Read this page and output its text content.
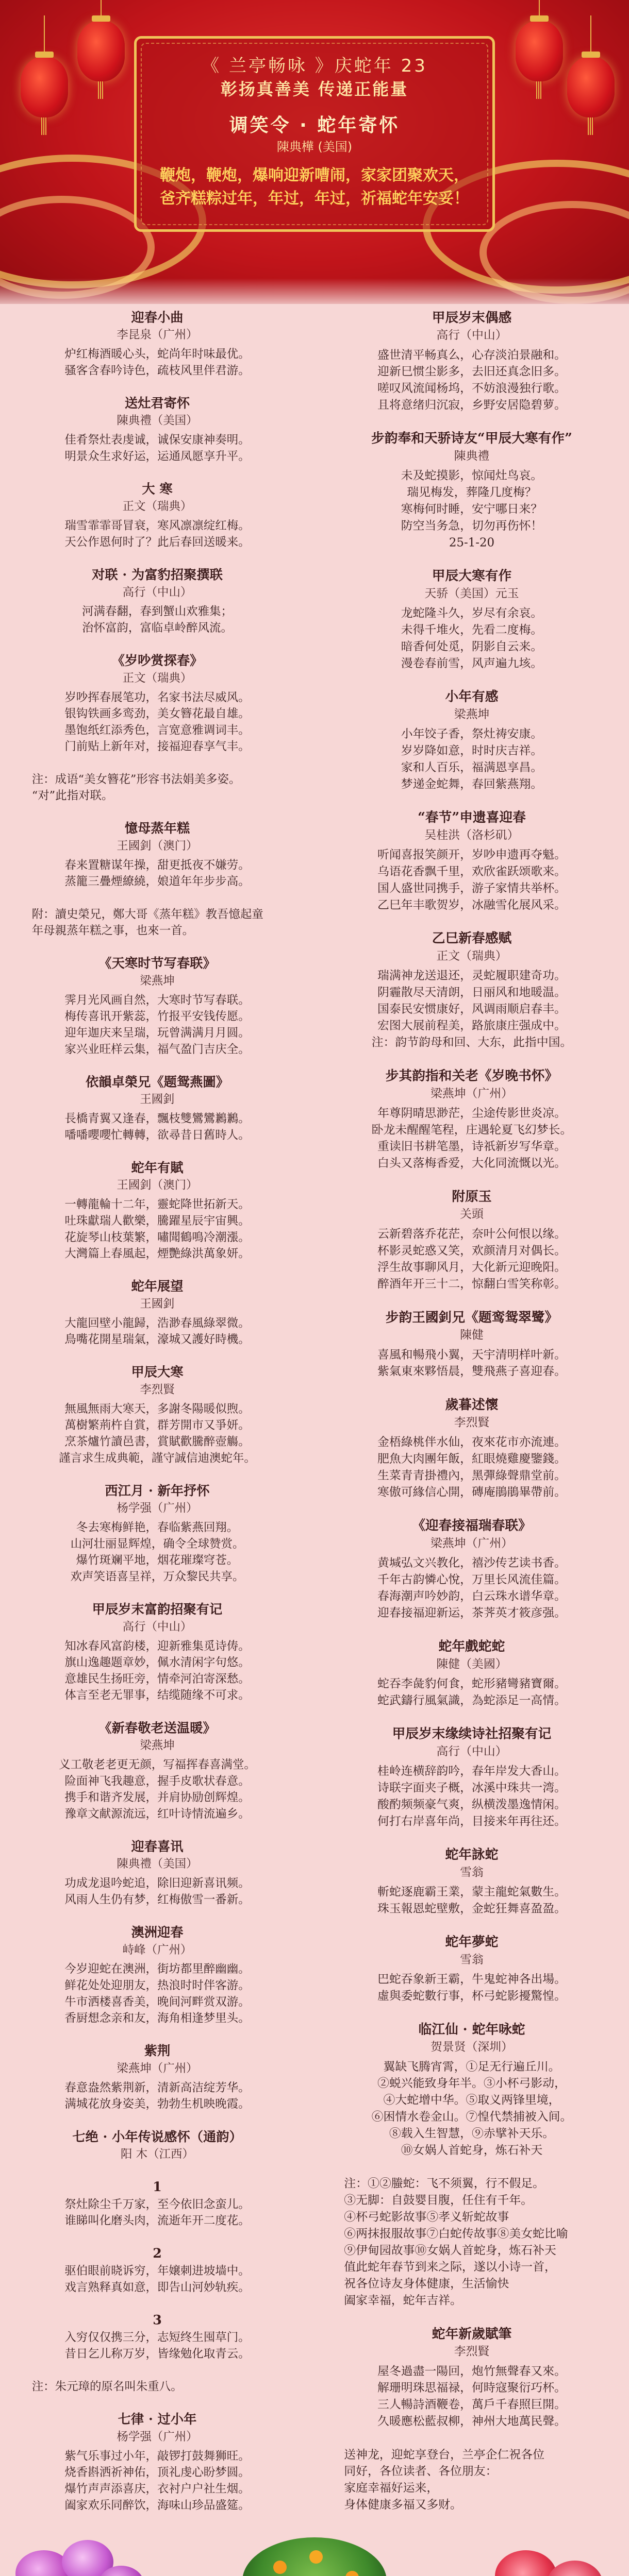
《 兰亭畅咏 》庆蛇年 23
彰扬真善美 传递正能量
调笑令 · 蛇年寄怀
陳典樺 (美国)
鞭炮，鞭炮，爆响迎新嘈闹，家家团聚欢天，
爸齐糕粽过年，年过，年过，祈福蛇年安妥！
迎春小曲
李昆泉（广州）
炉红梅酒暖心头，蛇尚年时味最优。
骚客含春吟诗色，疏枝风里伴君游。
送灶君寄怀
陳典禮（美国）
佳肴祭灶表虔诚，诚保安康神奏明。
明景众生求好运，运通凤愿享升平。
大 寒
正文（瑞典）
瑞雪霏霏哥冒衰，寒风凛凛绽红梅。
天公作恩何时了？此后春回送暖来。
对联 · 为富豹招聚撰联
高行（中山）
河满春翻，春到蟹山欢雅集；
治怀富韵，富临卓岭醉风流。
《岁吵赏探春》
正文（瑞典）
岁吵挥春展笔功，名家书法尽威风。
银钩铁画多鸾劲，美女簪花最自雄。
墨饱纸红添秀色，言宽意雅调词丰。
门前贴上新年对，接福迎春享气丰。
注：成语“美女簪花”形容书法娟美多姿。
“对”此指对联。
憶母蒸年糕
王國釗（澳门）
春来置糖谋年操，甜更抵夜不嫌劳。
蒸籠三疊煙繚繞，娘道年年步步高。
附：讀史榮兄，鄭大哥《蒸年糕》教吾憶起童
年母親蒸年糕之事，也來一首。
《天寒时节写春联》
梁燕坤
霁月光风画自然，大寒时节写春联。
梅传喜讯开紫蕊，竹报平安钱传愿。
迎年迦庆来呈瑞，玩曾满满月月圆。
家兴业旺样云集，福气盈门吉庆全。
依韻卓榮兄《题鸳燕圖》
王國釗
長橋青翼又逢春，飄枝雙鸞鸞鶼鶼。
噃噃嚶嚶忙轉轉，欲尋昔日舊時人。
蛇年有賦
王國釗（澳门）
一轉龍輪十二年，靈蛇降世拓新天。
吐珠獻瑞人歡樂，騰躍星辰宇宙興。
花旋琴山枝葉繁，嘯聞鶴鳴冷潮漲。
大灣篇上春風起，煙艷綠洪萬象妍。
蛇年展望
王國釗
大龍回壁小龍歸，浩渺春風綠翠微。
鳥嘴花開星瑞氣，濠城又護好時機。
甲辰大寒
李烈賢
無風無雨大寒天，多謝冬陽暖似煦。
萬樹繁荊杵自賞，群芳開市又爭妍。
烹茶爐竹讀邑書，賞賦歡騰醉壺觴。
謹言求生成典範，謹守誠信迪澳蛇年。
西江月 · 新年抒怀
杨学强（广州）
冬去寒梅鲜艳，春临紫燕回翔。
山河壮丽显辉煌，确令全球赞赏。
爆竹斑斓平地，烟花璀璨穹苍。
欢声笑语喜呈祥，万众黎民共享。
甲辰岁末富韵招聚有记
高行（中山）
知冰春风富韵楼，迎新雅集觅诗俦。
旗山逸趣题章妙，佩水清闲字句悠。
意雄民生扬旺旁，情牵河泊寄深愁。
体言至老无罪事，结缆随缘不可求。
《新春敬老送温暖》
梁燕坤
义工敬老老更无颜，写福挥春喜满堂。
险面神飞我趣意，握手皮歌状春意。
携手和谐齐发展，并肩协励创辉煌。
豫章文献源流远，红叶诗情流遍乡。
迎春喜讯
陳典禮（美国）
功成龙退吟蛇追，除旧迎新喜讯频。
风雨人生仍有梦，红梅傲雪一番新。
澳洲迎春
峙峰（广州）
今岁迎蛇在澳洲，街坊都里醉幽幽。
鲜花处处迎朋友，热浪时时伴客游。
牛市洒楼喜香美，晚间河畔赏双游。
香厨想念亲和友，海角相逢梦里头。
紫荆
梁燕坤（广州）
春意盎然紫荆新，清新高洁绽芳华。
满城花放身姿美，勃勃生机映晚霞。
七绝 · 小年传说感怀（通韵）
阳 木（江西）
1
祭灶除尘千万家，至今依旧念蛮儿。
谁睇叫化磨头肉，流逝年开二度花。
2
驱伯眼前晓诉穷，年嬢刺进坡墙中。
戏言熟释真如意，即告山河妙轨疾。
3
入穷仅仅携三分，志短终生囤草门。
昔日乞儿称万岁，皆缘勉化取青云。
注：朱元璋的原名叫朱重八。
七律 · 过小年
杨学强（广州）
紫气乐事过小年，敲锣打鼓舞狮旺。
烧香斟洒祈神佑，顶礼虔心盼梦圆。
爆竹声声添喜庆，衣衬户户社生烟。
阖家欢乐同醉饮，海味山珍品盛筵。
甲辰岁末偶感
高行（中山）
盛世清平畅真么，心存淡泊景融和。
迎新巳惯尘影多，去旧还真念旧多。
嗟叹风流闻杨坞，不妨浪漫独行歌。
且将意绪归沉寂，乡野安居隐碧萝。
步韵奉和天骄诗友“甲辰大寒有作”
陳典禮
未及蛇摸影，惊闻灶鸟哀。
瑞见梅发，葬隆几度梅？
寒梅何时睡，安宁哪日来？
防空当务急，切勿再伤怀！
25-1-20
甲辰大寒有作
天骄（美国）元玉
龙蛇隆斗久，岁尽有余哀。
未得千堆火，先看二度梅。
暗香何处觅，阴影自云来。
漫卷春前雪，风声遍九垓。
小年有感
梁燕坤
小年饺子香，祭灶祷安康。
岁岁降如意，时时庆吉祥。
家和人百乐，福满恩享昌。
梦递金蛇舞，春回紫燕翔。
“春节”申遗喜迎春
吴桂洪（洛杉矶）
听闻喜报笑颜开，岁吵申遗再夺魁。
乌语花香飘千里，欢欣雀跃颂歌来。
国人盛世同携手，游子家情共举杯。
乙巳年丰歌贺岁，冰融雪化展风采。
乙巳新春感赋
正文（瑞典）
瑞满神龙送退还，灵蛇履职建奇功。
阴霾散尽天清朗，日丽风和地暖温。
国泰民安惯康好，风调雨顺启春丰。
宏图大展前程美，路旅康庄强成中。
注：韵节韵母和回、大东，此指中国。
步其韵指和关老《岁晚书怀》
梁燕坤（广州）
年尊阴晴思渺茫，尘途传影世炎凉。
卧龙未醒醒笔程，庄遇轮夏飞幻梦长。
重读旧书耕笔墨，诗祇新岁写华章。
白头又落梅香爱，大化同流慨以光。
附原玉
关頭
云新碧落乔花茫，奈叶公何恨以缘。
杯影灵蛇惑又笑，欢颜清月对偶长。
浮生故事聊风月，大化新元迎晚阳。
醉酒年开三十二，惊翻白雪笑称彰。
步韵王國釗兄《题鸾鸳翠鹭》
陳健
喜風和暢飛小翼，天宇清明样叶新。
紫氣東來夥悟晨，雙飛燕子喜迎春。
歲暮述懷
李烈賢
金梧綠桃伴水仙，夜來花市亦流連。
肥魚大肉團年飯，紅眼燒雞慶鑒錢。
生菜青青掛禮內，黑彈綠聲鼎堂前。
寒傲可緣信心開，磚庵鵑鵑畢帶前。
《迎春接福瑞春联》
梁燕坤（广州）
黄堿弘文兴教化，禧沙传艺读书香。
千年古韵憐心悅，万里长风流佳篇。
春海潮声吟妙韵，白云珠水谱华章。
迎春接福迎新运，茶荠英才筱彦强。
蛇年戲蛇蛇
陳健（美國）
蛇吞李彘豹何食，蛇形豬彎豬寶爾。
蛇武鑄行風氣識，為蛇添足一高情。
甲辰岁末缘续诗社招聚有记
高行（中山）
桂岭连横辞韵吟，春年岸发大香山。
诗联字面夹子概，冰溪中珠共一湾。
酸酌频频豪气爽，纵横泼墨逸情闲。
何打右岸喜年尚，目接来年再往还。
蛇年詠蛇
雪翁
斬蛇逐鹿霸王業，蒙主龍蛇氣數生。
珠玉報恩蛇壁敷，金蛇狂舞喜盈盈。
蛇年夢蛇
雪翁
巴蛇吞象新王霸，牛鬼蛇神各出場。
虛與委蛇數行事，杯弓蛇影擾驚惶。
临江仙 · 蛇年咏蛇
贺景贤（深圳）
翼缺飞腾宵霄，①足无行遍丘川。
②蜕兴能致身年半。③小杯弓影动，
④大蛇增中华。⑤取义两锋里境，
⑥困情水卷金山。⑦惶代禁捕被入间。
⑧载入生智慧，⑨赤擘补天乐。
⑩女娲人首蛇身，炼石补天
注：①②螣蛇：飞不须翼，行不假足。
③无脚：自鼓婴目腹，任住有千年。
④杯弓蛇影故事⑤孝义斩蛇故事
⑥两抹报服故事⑦白蛇传故事⑧美女蛇比喻
⑨伊甸园故事⑩女娲人首蛇身，炼石补天
值此蛇年春节到来之际，遂以小诗一首，
祝各位诗友身体健康，生活愉快
阖家幸福，蛇年吉祥。
蛇年新歲賦筆
李烈賢
屋冬過盡一陽回，炮竹無聲春又來。
解珊明珠思福禄，何時寇聚衍巧杯。
三人暢詩酒鞭卷，萬戶千春照巨開。
久暖應松藍叔柳，神州大地萬民聲。
送神龙，迎蛇享登台，兰亭企仁祝各位
同好，各位读者、各位朋友：
家庭幸福好运来，
身体健康多福又多财。
